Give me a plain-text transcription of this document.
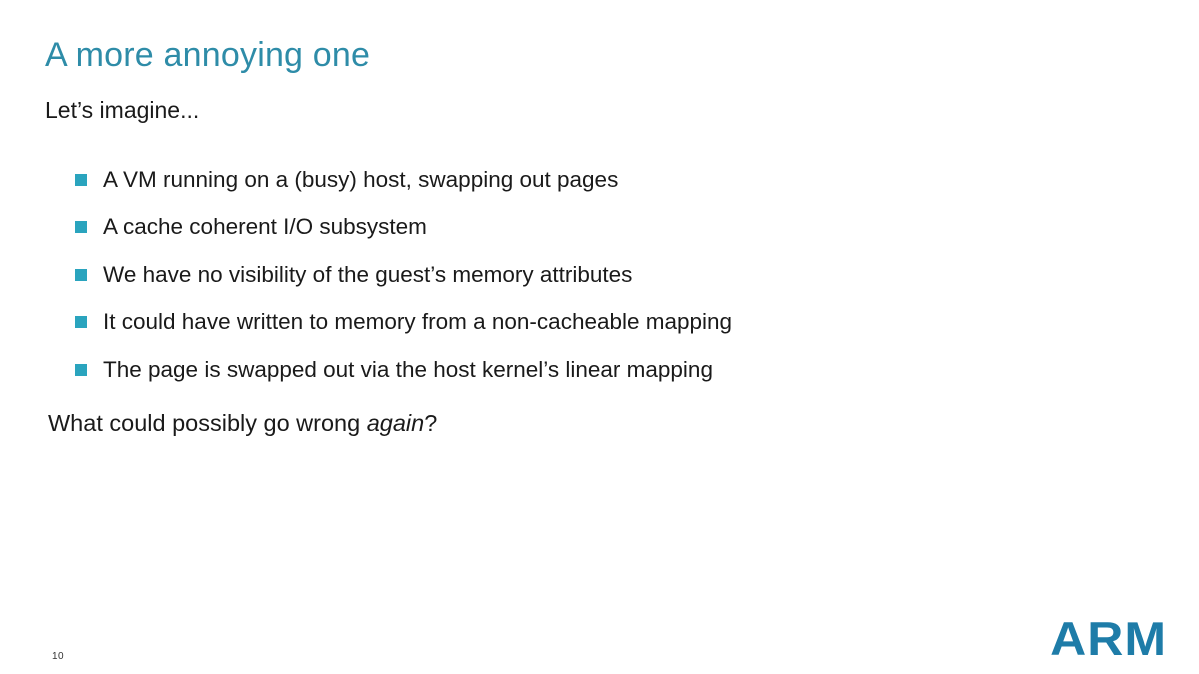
A more annoying one
Let’s imagine...
A VM running on a (busy) host, swapping out pages
A cache coherent I/O subsystem
We have no visibility of the guest’s memory attributes
It could have written to memory from a non-cacheable mapping
The page is swapped out via the host kernel’s linear mapping
What could possibly go wrong again?
10	ARM
